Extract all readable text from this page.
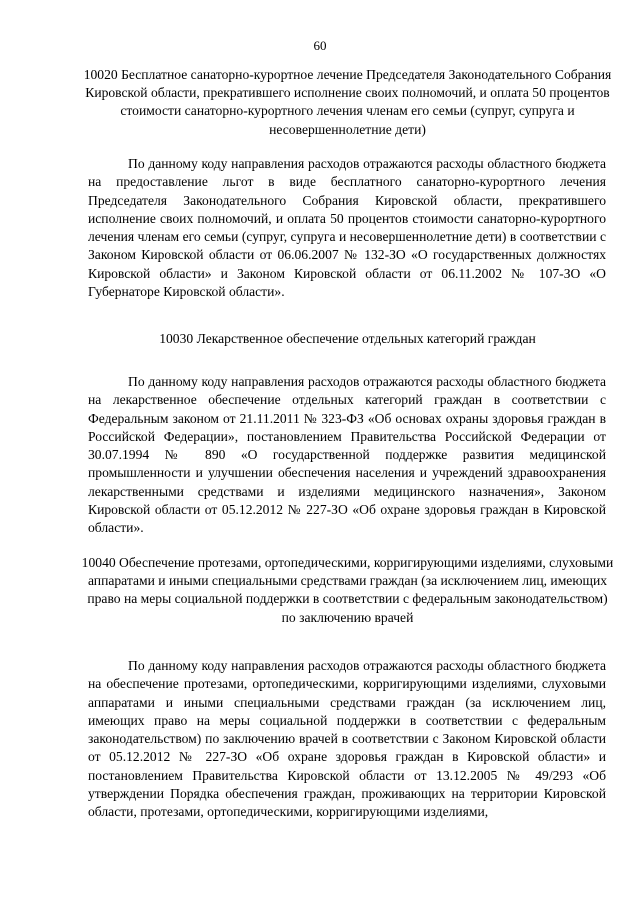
60
10020 Бесплатное санаторно-курортное лечение Председателя Законодательного Собрания Кировской области, прекратившего исполнение своих полномочий, и оплата 50 процентов стоимости санаторно-курортного лечения членам его семьи (супруг, супруга и несовершеннолетние дети)
По данному коду направления расходов отражаются расходы областного бюджета на предоставление льгот в виде бесплатного санаторно-курортного лечения Председателя Законодательного Собрания Кировской области, прекратившего исполнение своих полномочий, и оплата 50 процентов стоимости санаторно-курортного лечения членам его семьи (супруг, супруга и несовершеннолетние дети) в соответствии с Законом Кировской области от 06.06.2007 № 132-ЗО «О государственных должностях Кировской области» и Законом Кировской области от 06.11.2002 № 107-ЗО «О Губернаторе Кировской области».
10030 Лекарственное обеспечение отдельных категорий граждан
По данному коду направления расходов отражаются расходы областного бюджета на лекарственное обеспечение отдельных категорий граждан в соответствии с Федеральным законом от 21.11.2011 № 323-ФЗ «Об основах охраны здоровья граждан в Российской Федерации», постановлением Правительства Российской Федерации от 30.07.1994 № 890 «О государственной поддержке развития медицинской промышленности и улучшении обеспечения населения и учреждений здравоохранения лекарственными средствами и изделиями медицинского назначения», Законом Кировской области от 05.12.2012 № 227-ЗО «Об охране здоровья граждан в Кировской области».
10040 Обеспечение протезами, ортопедическими, корригирующими изделиями, слуховыми аппаратами и иными специальными средствами граждан (за исключением лиц, имеющих право на меры социальной поддержки в соответствии с федеральным законодательством) по заключению врачей
По данному коду направления расходов отражаются расходы областного бюджета на обеспечение протезами, ортопедическими, корригирующими изделиями, слуховыми аппаратами и иными специальными средствами граждан (за исключением лиц, имеющих право на меры социальной поддержки в соответствии с федеральным законодательством) по заключению врачей в соответствии с Законом Кировской области от 05.12.2012 № 227-ЗО «Об охране здоровья граждан в Кировской области» и постановлением Правительства Кировской области от 13.12.2005 № 49/293 «Об утверждении Порядка обеспечения граждан, проживающих на территории Кировской области, протезами, ортопедическими, корригирующими изделиями,
